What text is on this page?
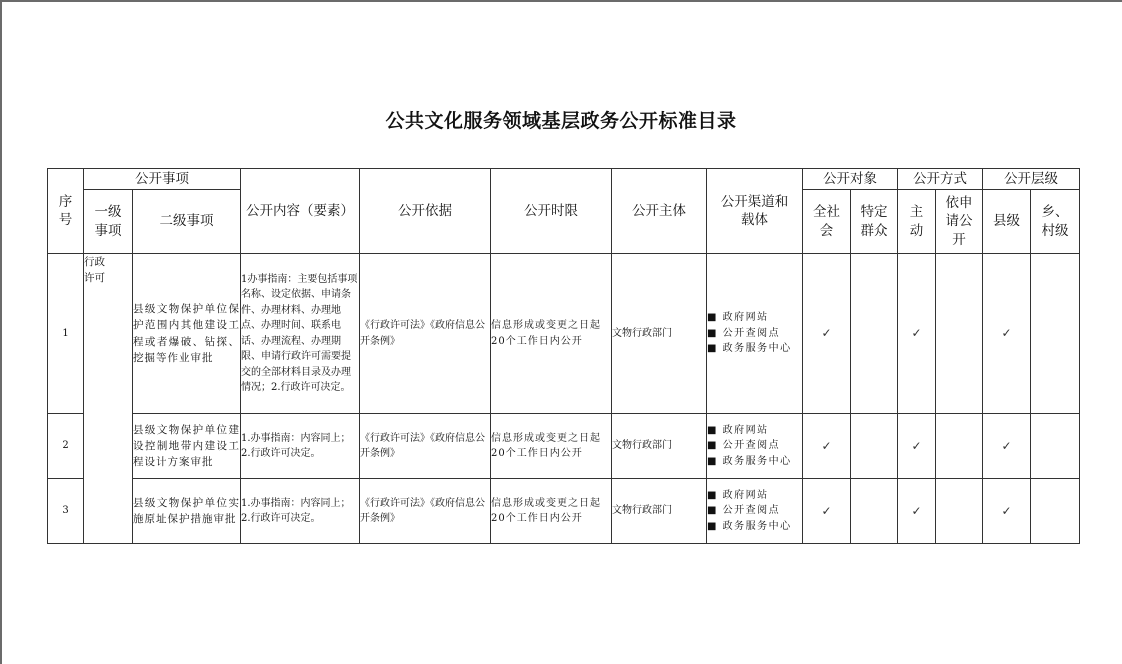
公共文化服务领域基层政务公开标准目录
序号	公开事项		公开内容（要素）	公开依据	公开时限	公开主体	公开渠道和载体	公开对象		公开方式		公开层级	

	一级事项	二级事项						全社会	特定群众	主动	依申请公开	县级	乡、村级

1	行政许可	县级文物保护单位保护范围内其他建设工程或者爆破、钻探、挖掘等作业审批	1办事指南：主要包括事项名称、设定依据、申请条件、办理材料、办理地点、办理时间、联系电话、办理流程、办理期限、申请行政许可需要提交的全部材料目录及办理情况；2.行政许可决定。	《行政许可法》《政府信息公开条例》	信息形成或变更之日起20个工作日内公开	文物行政部门	■ 政府网站
■ 公开查阅点
■ 政务服务中心	✓		✓		✓	
2		县级文物保护单位建设控制地带内建设工程设计方案审批	1.办事指南：内容同上；2.行政许可决定。	《行政许可法》《政府信息公开条例》	信息形成或变更之日起20个工作日内公开	文物行政部门	■ 政府网站
■ 公开查阅点
■ 政务服务中心	✓		✓		✓	
3		县级文物保护单位实施原址保护措施审批	1.办事指南：内容同上；2.行政许可决定。	《行政许可法》《政府信息公开条例》	信息形成或变更之日起20个工作日内公开	文物行政部门	■ 政府网站
■ 公开查阅点
■ 政务服务中心	✓		✓		✓	
